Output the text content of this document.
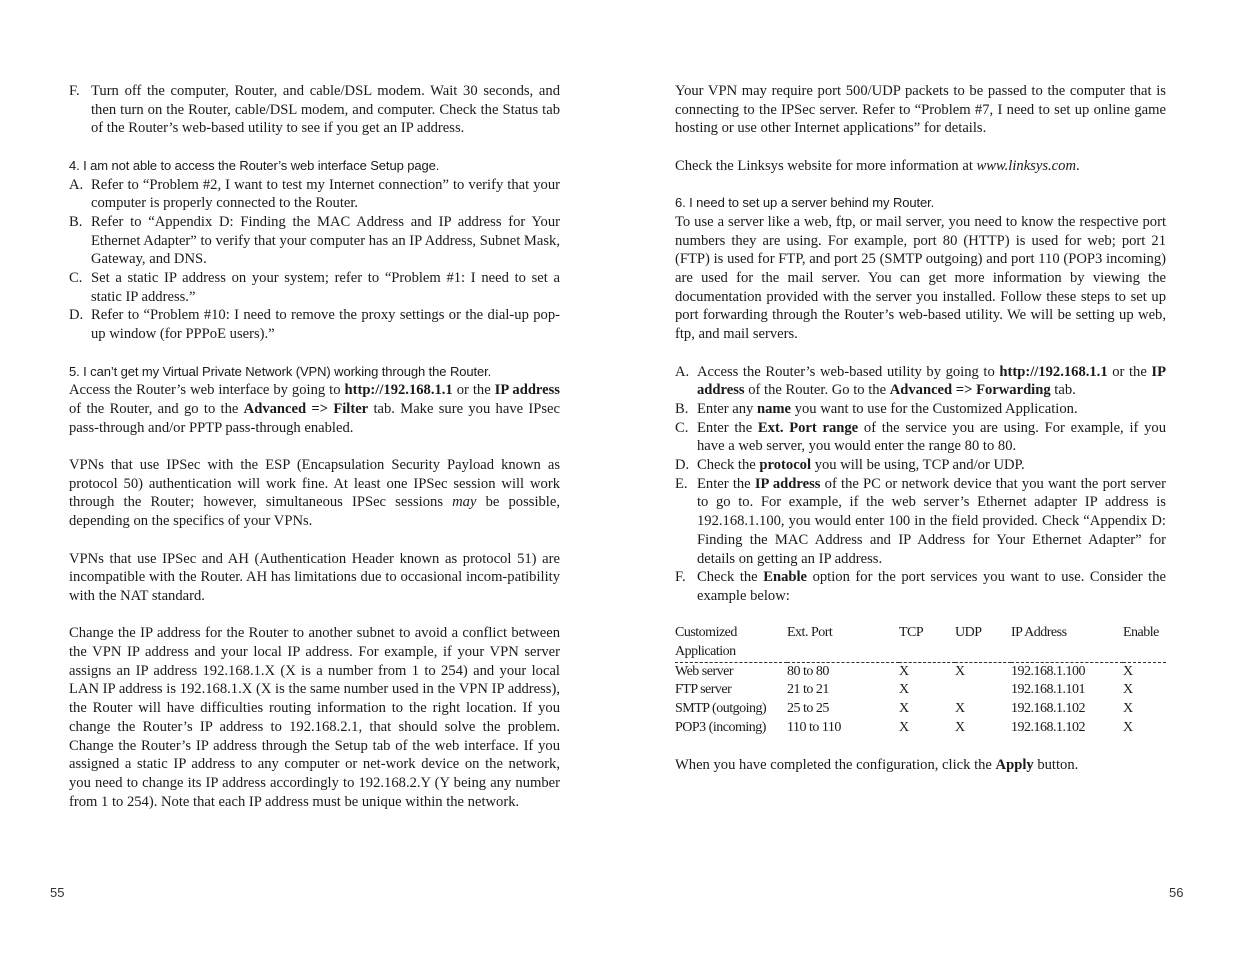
F. Turn off the computer, Router, and cable/DSL modem. Wait 30 seconds, and then turn on the Router, cable/DSL modem, and computer. Check the Status tab of the Router’s web-based utility to see if you get an IP address.
4. I am not able to access the Router’s web interface Setup page.
A. Refer to “Problem #2, I want to test my Internet connection” to verify that your computer is properly connected to the Router.
B. Refer to “Appendix D: Finding the MAC Address and IP address for Your Ethernet Adapter” to verify that your computer has an IP Address, Subnet Mask, Gateway, and DNS.
C. Set a static IP address on your system; refer to “Problem #1: I need to set a static IP address.”
D. Refer to “Problem #10: I need to remove the proxy settings or the dial-up pop-up window (for PPPoE users).”
5. I can’t get my Virtual Private Network (VPN) working through the Router.
Access the Router’s web interface by going to http://192.168.1.1 or the IP address of the Router, and go to the Advanced => Filter tab. Make sure you have IPsec pass-through and/or PPTP pass-through enabled.
VPNs that use IPSec with the ESP (Encapsulation Security Payload known as protocol 50) authentication will work fine. At least one IPSec session will work through the Router; however, simultaneous IPSec sessions may be possible, depending on the specifics of your VPNs.
VPNs that use IPSec and AH (Authentication Header known as protocol 51) are incompatible with the Router. AH has limitations due to occasional incom-patibility with the NAT standard.
Change the IP address for the Router to another subnet to avoid a conflict between the VPN IP address and your local IP address. For example, if your VPN server assigns an IP address 192.168.1.X (X is a number from 1 to 254) and your local LAN IP address is 192.168.1.X (X is the same number used in the VPN IP address), the Router will have difficulties routing information to the right location. If you change the Router’s IP address to 192.168.2.1, that should solve the problem. Change the Router’s IP address through the Setup tab of the web interface. If you assigned a static IP address to any computer or net-work device on the network, you need to change its IP address accordingly to 192.168.2.Y (Y being any number from 1 to 254). Note that each IP address must be unique within the network.
Your VPN may require port 500/UDP packets to be passed to the computer that is connecting to the IPSec server. Refer to “Problem #7, I need to set up online game hosting or use other Internet applications” for details.
Check the Linksys website for more information at www.linksys.com.
6. I need to set up a server behind my Router.
To use a server like a web, ftp, or mail server, you need to know the respective port numbers they are using. For example, port 80 (HTTP) is used for web; port 21 (FTP) is used for FTP, and port 25 (SMTP outgoing) and port 110 (POP3 incoming) are used for the mail server. You can get more information by viewing the documentation provided with the server you installed. Follow these steps to set up port forwarding through the Router’s web-based utility. We will be setting up web, ftp, and mail servers.
A. Access the Router’s web-based utility by going to http://192.168.1.1 or the IP address of the Router. Go to the Advanced => Forwarding tab.
B. Enter any name you want to use for the Customized Application.
C. Enter the Ext. Port range of the service you are using. For example, if you have a web server, you would enter the range 80 to 80.
D. Check the protocol you will be using, TCP and/or UDP.
E. Enter the IP address of the PC or network device that you want the port server to go to. For example, if the web server’s Ethernet adapter IP address is 192.168.1.100, you would enter 100 in the field provided. Check “Appendix D: Finding the MAC Address and IP Address for Your Ethernet Adapter” for details on getting an IP address.
F. Check the Enable option for the port services you want to use. Consider the example below:
Customized Application	Ext. Port	TCP	UDP	IP Address	Enable
Web server	80 to 80	X	X	192.168.1.100	X
FTP server	21 to 21	X		192.168.1.101	X
SMTP (outgoing)	25 to 25	X	X	192.168.1.102	X
POP3 (incoming)	110 to 110	X	X	192.168.1.102	X
When you have completed the configuration, click the Apply button.
55	56
